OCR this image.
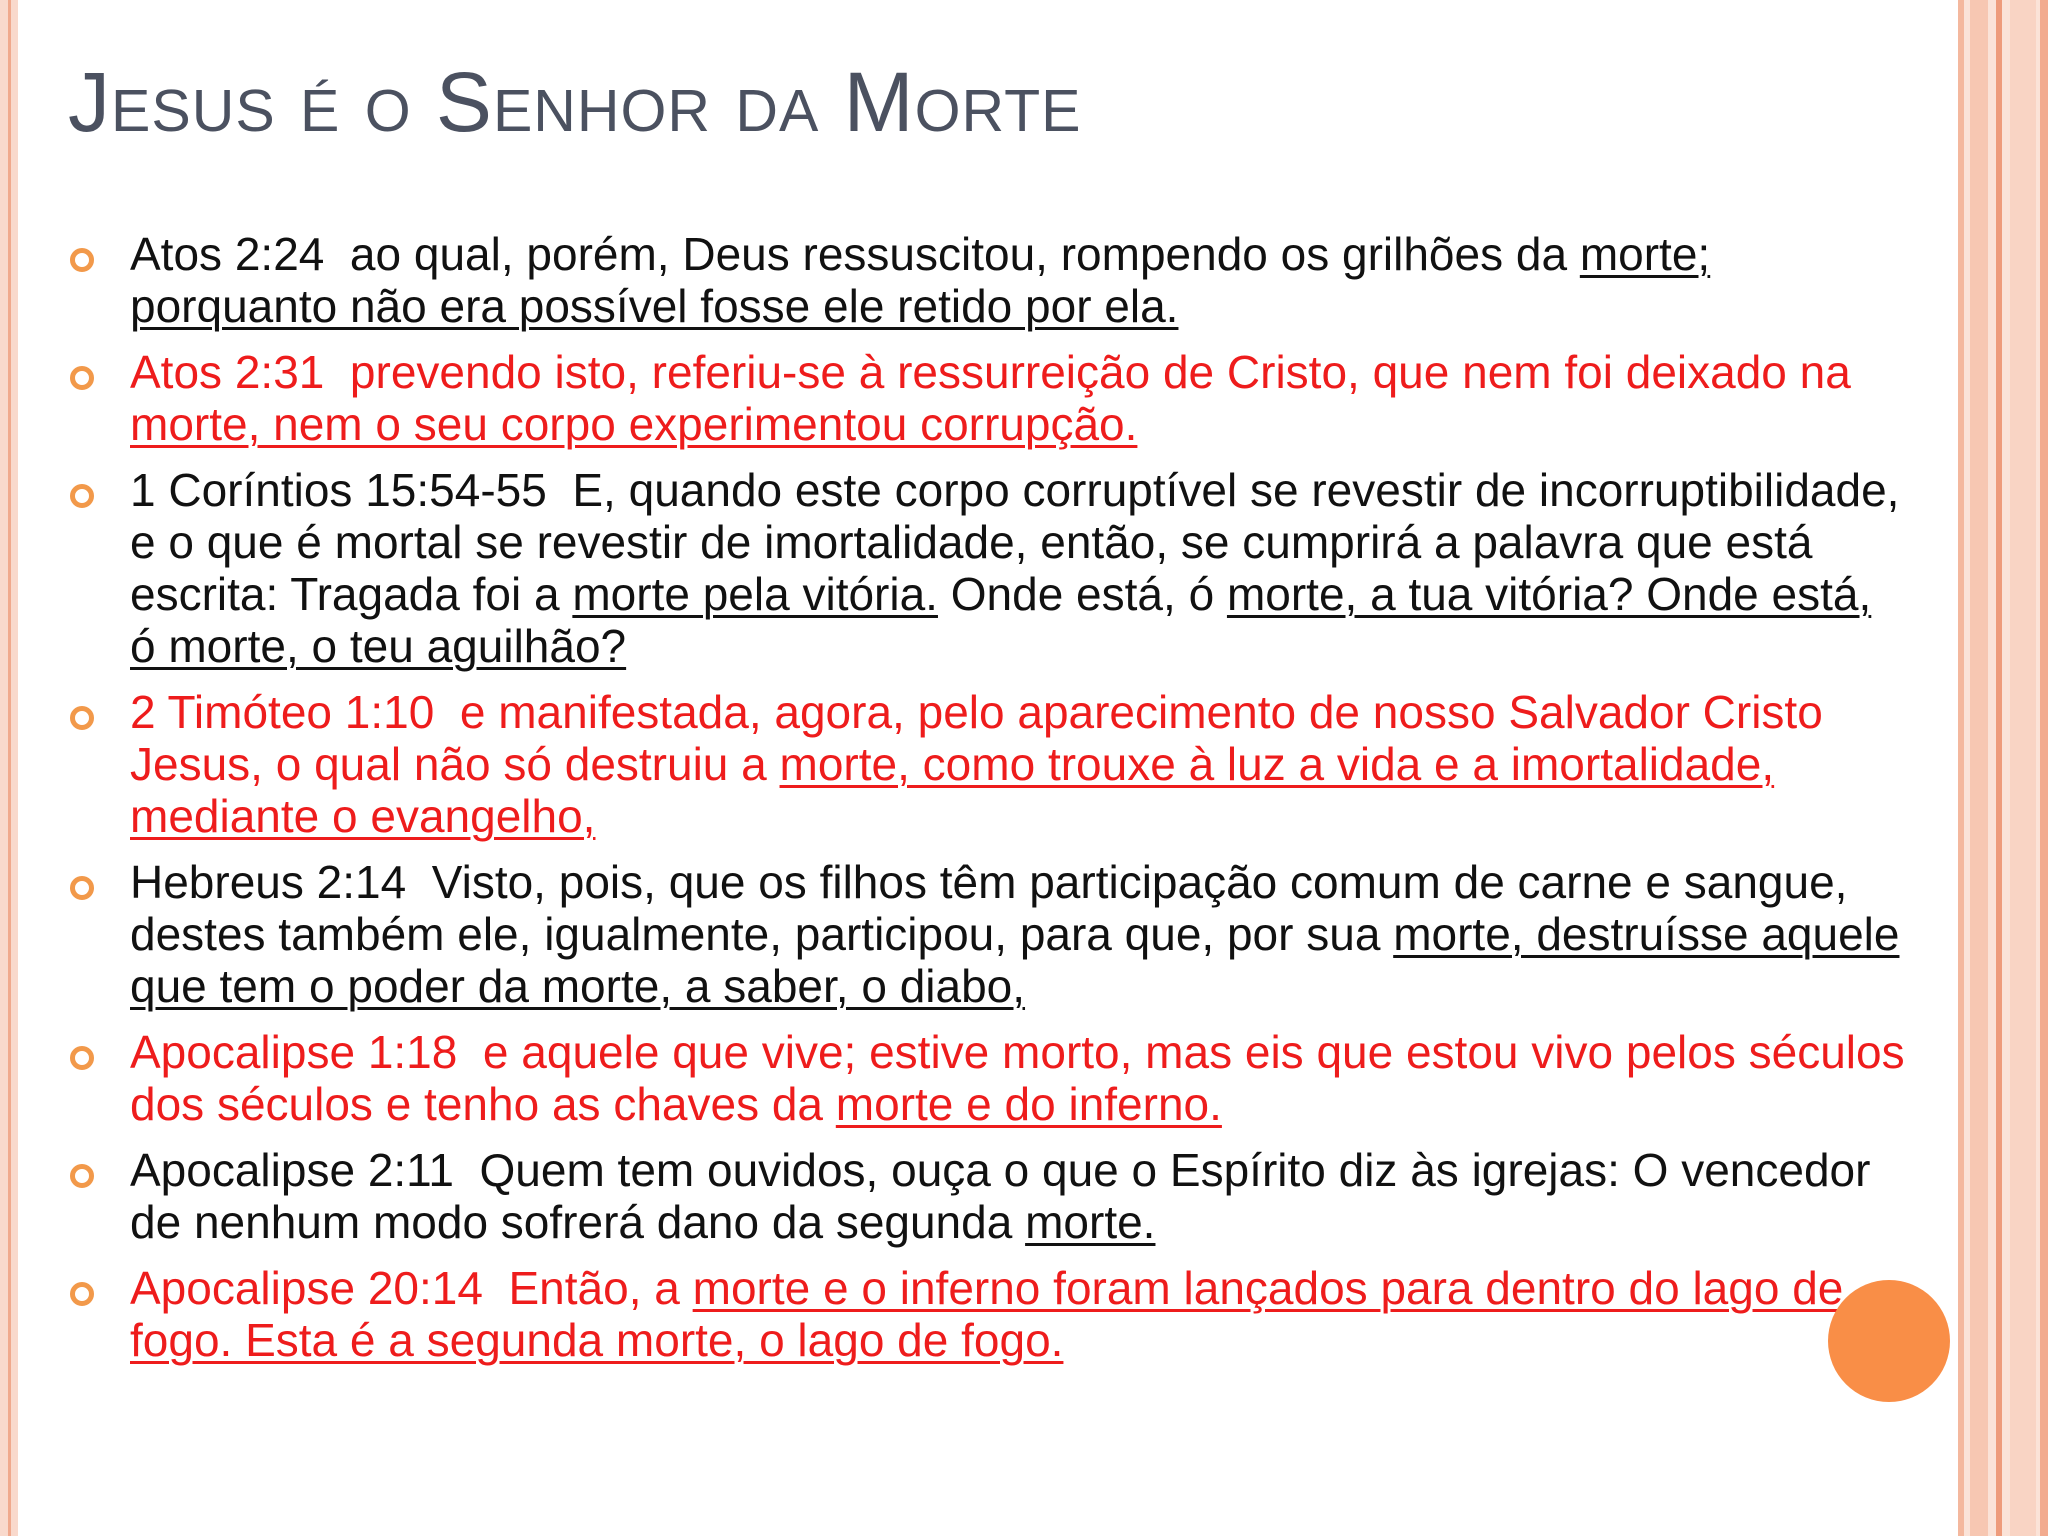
Jesus é o Senhor da Morte

Atos 2:24 ao qual, porém, Deus ressuscitou, rompendo os grilhões da morte; porquanto não era possível fosse ele retido por ela.

Atos 2:31 prevendo isto, referiu-se à ressurreição de Cristo, que nem foi deixado na morte, nem o seu corpo experimentou corrupção.

1 Coríntios 15:54-55 E, quando este corpo corruptível se revestir de incorruptibilidade, e o que é mortal se revestir de imortalidade, então, se cumprirá a palavra que está escrita: Tragada foi a morte pela vitória. Onde está, ó morte, a tua vitória? Onde está, ó morte, o teu aguilhão?

2 Timóteo 1:10 e manifestada, agora, pelo aparecimento de nosso Salvador Cristo Jesus, o qual não só destruiu a morte, como trouxe à luz a vida e a imortalidade, mediante o evangelho,

Hebreus 2:14 Visto, pois, que os filhos têm participação comum de carne e sangue, destes também ele, igualmente, participou, para que, por sua morte, destruísse aquele que tem o poder da morte, a saber, o diabo,

Apocalipse 1:18 e aquele que vive; estive morto, mas eis que estou vivo pelos séculos dos séculos e tenho as chaves da morte e do inferno.

Apocalipse 2:11 Quem tem ouvidos, ouça o que o Espírito diz às igrejas: O vencedor de nenhum modo sofrerá dano da segunda morte.

Apocalipse 20:14 Então, a morte e o inferno foram lançados para dentro do lago de fogo. Esta é a segunda morte, o lago de fogo.
